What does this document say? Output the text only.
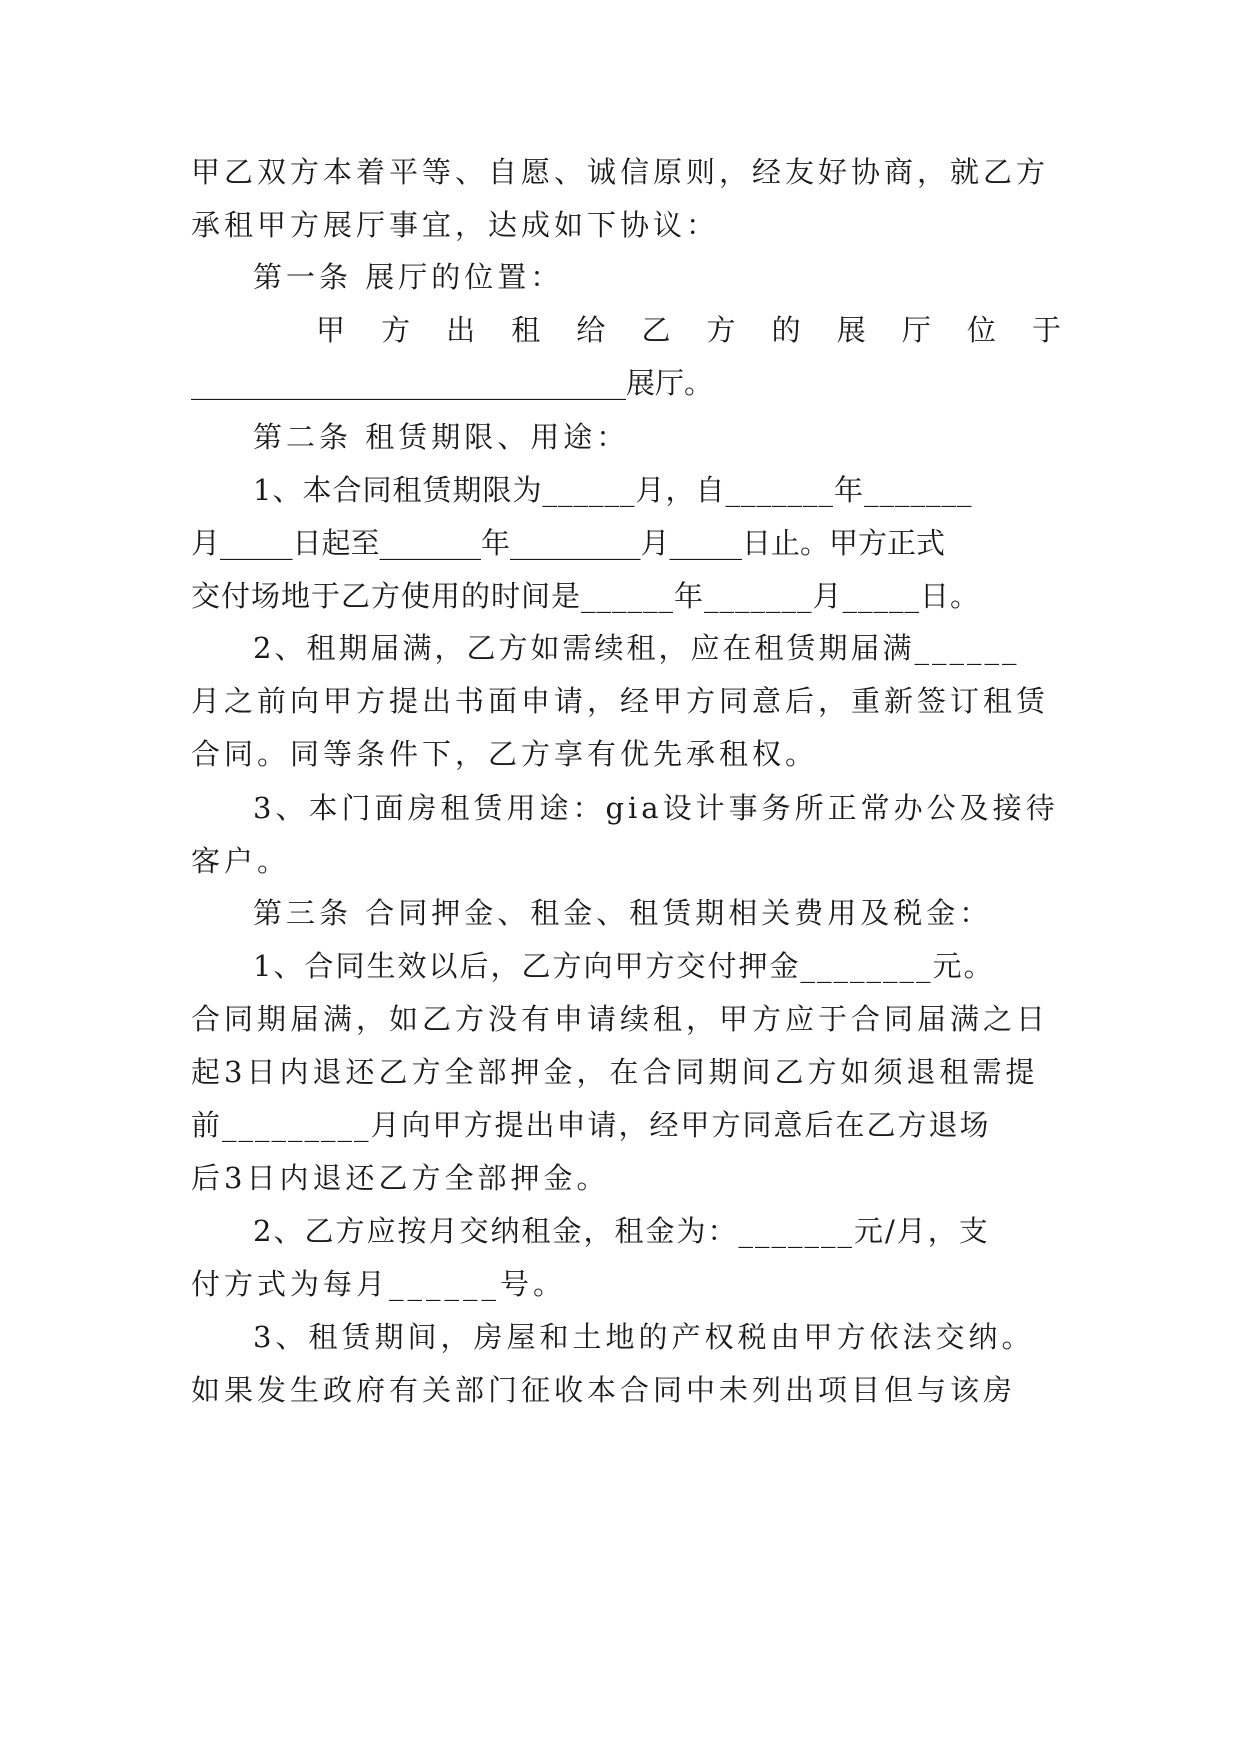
甲乙双方本着平等、自愿、诚信原则，经友好协商，就乙方
承租甲方展厅事宜，达成如下协议：
第一条 展厅的位置：
甲 方 出 租 给 乙 方 的 展 厅 位 于
______________________________展厅。
第二条 租赁期限、用途：
1、本合同租赁期限为______月，自_______年_______
月_____日起至_______年_________月_____日止。甲方正式
交付场地于乙方使用的时间是______年_______月_____日。
2、租期届满，乙方如需续租，应在租赁期届满______
月之前向甲方提出书面申请，经甲方同意后，重新签订租赁
合同。同等条件下，乙方享有优先承租权。
3、本门面房租赁用途：gia设计事务所正常办公及接待
客户。
第三条 合同押金、租金、租赁期相关费用及税金：
1、合同生效以后，乙方向甲方交付押金________元。
合同期届满，如乙方没有申请续租，甲方应于合同届满之日
起3日内退还乙方全部押金，在合同期间乙方如须退租需提
前_________月向甲方提出申请，经甲方同意后在乙方退场
后3日内退还乙方全部押金。
2、乙方应按月交纳租金，租金为：_______元/月，支
付方式为每月______号。
3、租赁期间，房屋和土地的产权税由甲方依法交纳。
如果发生政府有关部门征收本合同中未列出项目但与该房
